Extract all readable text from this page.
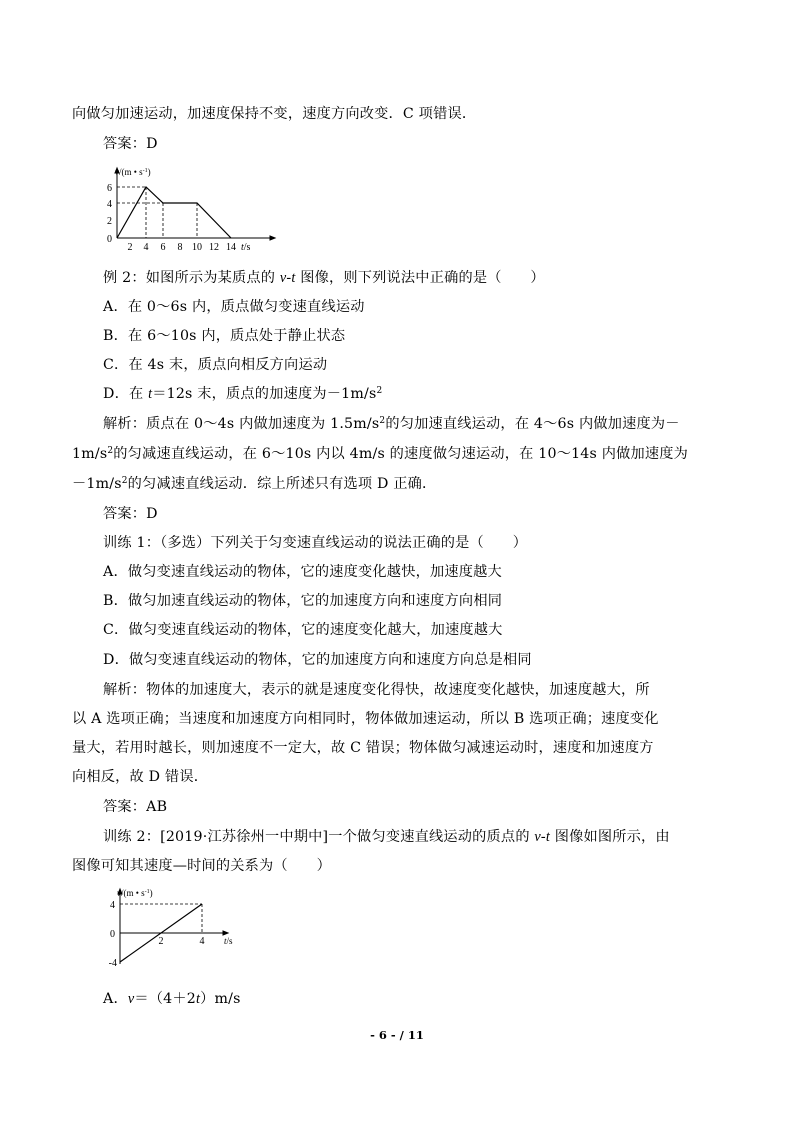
向做匀加速运动，加速度保持不变，速度方向改变．C 项错误．
答案：D
v/(m • $s^{-1}$)
6
4
2
0
2 4 6 8 10 12 14 t/s
例 2：如图所示为某质点的 v-t 图像，则下列说法中正确的是（　　）
A．在 0～6s 内，质点做匀变速直线运动
B．在 6～10s 内，质点处于静止状态
C．在 4s 末，质点向相反方向运动
D．在 t＝12s 末，质点的加速度为$-1m/s^2$
解析：质点在 0～4s 内做加速度为 $1.5m/s^2$的匀加速直线运动，在 4～6s 内做加速度为－
$1m/s^2$的匀减速直线运动，在 6～10s 内以 4m/s 的速度做匀速运动，在 10～14s 内做加速度为
$-1m/s^2$的匀减速直线运动．综上所述只有选项 D 正确．
答案：D
训练 1：（多选）下列关于匀变速直线运动的说法正确的是（　　）
A．做匀变速直线运动的物体，它的速度变化越快，加速度越大
B．做匀加速直线运动的物体，它的加速度方向和速度方向相同
C．做匀变速直线运动的物体，它的速度变化越大，加速度越大
D．做匀变速直线运动的物体，它的加速度方向和速度方向总是相同
解析：物体的加速度大，表示的就是速度变化得快，故速度变化越快，加速度越大，所
以 A 选项正确；当速度和加速度方向相同时，物体做加速运动，所以 B 选项正确；速度变化
量大，若用时越长，则加速度不一定大，故 C 错误；物体做匀减速运动时，速度和加速度方
向相反，故 D 错误．
答案：AB
训练 2：[2019·江苏徐州一中期中]一个做匀变速直线运动的质点的 v-t 图像如图所示，由
图像可知其速度—时间的关系为（　　）
v/(m • $s^{-1}$)
4
0
-4
2	4 t/s
A．v＝（4＋2t）m/s
- 6 - / 11
